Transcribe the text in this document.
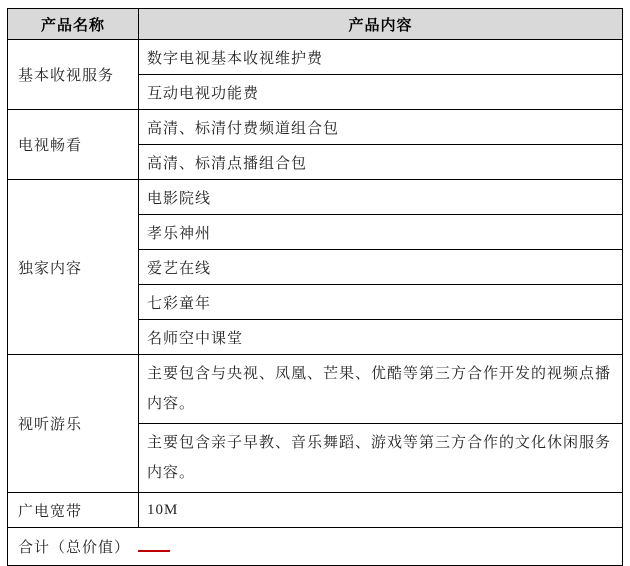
产品名称	产品内容
基本收视服务	数字电视基本收视维护费
	互动电视功能费
电视畅看	高清、标清付费频道组合包
	高清、标清点播组合包
独家内容	电影院线
	孝乐神州
	爱艺在线
	七彩童年
	名师空中课堂
视听游乐	主要包含与央视、凤凰、芒果、优酷等第三方合作开发的视频点播内容。
	主要包含亲子早教、音乐舞蹈、游戏等第三方合作的文化休闲服务内容。
广电宽带	10M
合计（总价值）	
